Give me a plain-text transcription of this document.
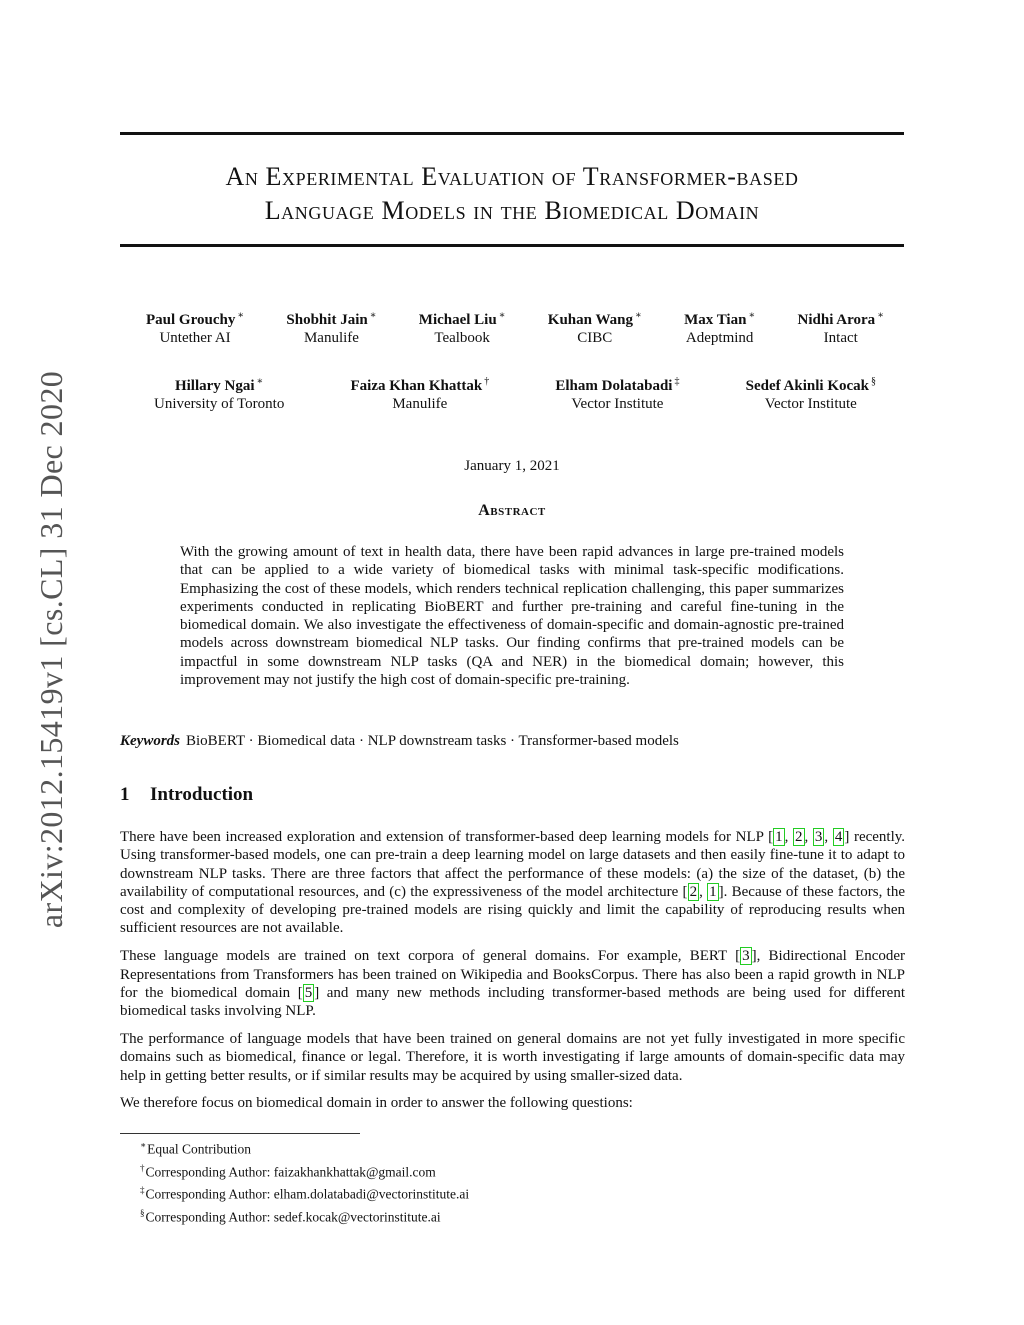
arXiv:2012.15419v1 [cs.CL] 31 Dec 2020
An Experimental Evaluation of Transformer-based
Language Models in the Biomedical Domain
Paul Grouchy ∗
Untether AI
Shobhit Jain ∗
Manulife
Michael Liu ∗
Tealbook
Kuhan Wang ∗
CIBC
Max Tian ∗
Adeptmind
Nidhi Arora ∗
Intact
Hillary Ngai ∗
University of Toronto
Faiza Khan Khattak †
Manulife
Elham Dolatabadi ‡
Vector Institute
Sedef Akinli Kocak §
Vector Institute
January 1, 2021
Abstract
With the growing amount of text in health data, there have been rapid advances in large pre-trained models that can be applied to a wide variety of biomedical tasks with minimal task-specific modifications. Emphasizing the cost of these models, which renders technical replication challenging, this paper summarizes experiments conducted in replicating BioBERT and further pre-training and careful fine-tuning in the biomedical domain. We also investigate the effectiveness of domain-specific and domain-agnostic pre-trained models across downstream biomedical NLP tasks. Our finding confirms that pre-trained models can be impactful in some downstream NLP tasks (QA and NER) in the biomedical domain; however, this improvement may not justify the high cost of domain-specific pre-training.
Keywords BioBERT · Biomedical data · NLP downstream tasks · Transformer-based models
1 Introduction

There have been increased exploration and extension of transformer-based deep learning models for NLP [ 1 , 2 , 3 , 4 ] recently. Using transformer-based models, one can pre-train a deep learning model on large datasets and then easily fine-tune it to adapt to downstream NLP tasks. There are three factors that affect the performance of these models: (a) the size of the dataset, (b) the availability of computational resources, and (c) the expressiveness of the model architecture [ 2 , 1 ]. Because of these factors, the cost and complexity of developing pre-trained models are rising quickly and limit the capability of reproducing results when sufficient resources are not available.

These language models are trained on text corpora of general domains. For example, BERT [ 3 ], Bidirectional Encoder Representations from Transformers has been trained on Wikipedia and BooksCorpus. There has also been a rapid growth in NLP for the biomedical domain [ 5 ] and many new methods including transformer-based methods are being used for different biomedical tasks involving NLP.

The performance of language models that have been trained on general domains are not yet fully investigated in more specific domains such as biomedical, finance or legal. Therefore, it is worth investigating if large amounts of domain-specific data may help in getting better results, or if similar results may be acquired by using smaller-sized data.

We therefore focus on biomedical domain in order to answer the following questions:

∗Equal Contribution
†Corresponding Author: faizakhankhattak@gmail.com
‡Corresponding Author: elham.dolatabadi@vectorinstitute.ai
§Corresponding Author: sedef.kocak@vectorinstitute.ai
